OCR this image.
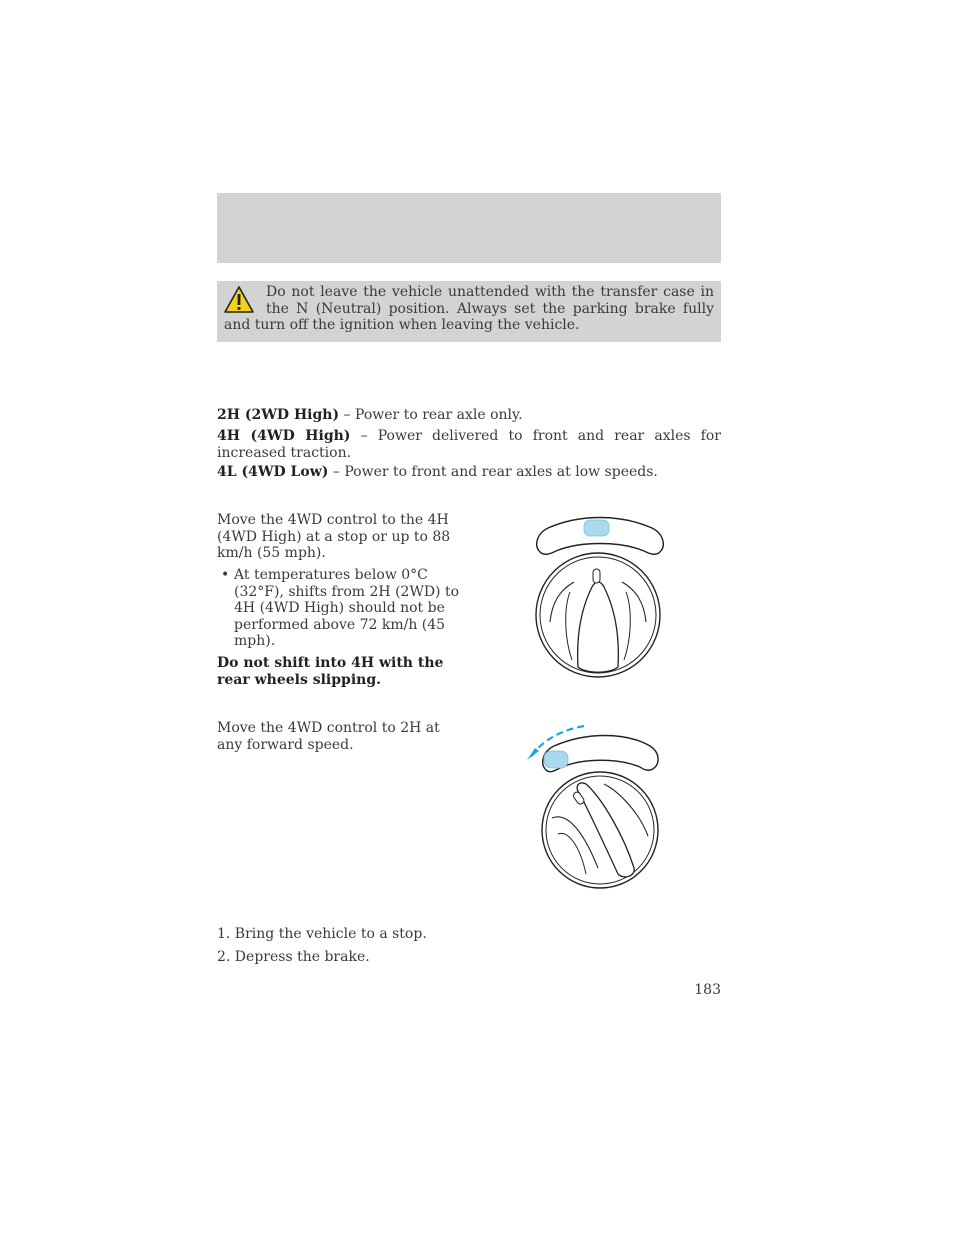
Do not leave the vehicle unattended with the transfer case in the N (Neutral) position. Always set the parking brake fully and turn off the ignition when leaving the vehicle.
2H (2WD High) – Power to rear axle only.
4H (4WD High) – Power delivered to front and rear axles for increased traction.
4L (4WD Low) – Power to front and rear axles at low speeds.
Move the 4WD control to the 4H (4WD High) at a stop or up to 88 km/h (55 mph).
• At temperatures below 0°C (32°F), shifts from 2H (2WD) to 4H (4WD High) should not be performed above 72 km/h (45 mph).
Do not shift into 4H with the rear wheels slipping.
Move the 4WD control to 2H at any forward speed.
1. Bring the vehicle to a stop.
2. Depress the brake.
183
